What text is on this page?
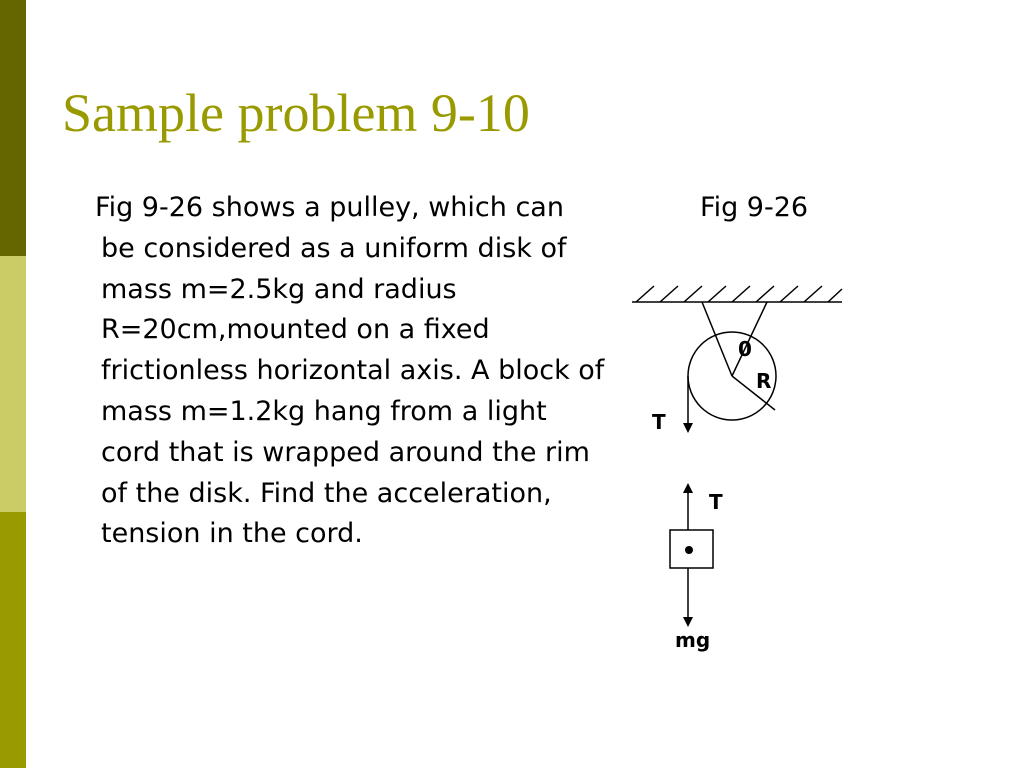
Sample problem 9-10

Fig 9-26 shows a pulley, which can be considered as a uniform disk of mass m=2.5kg and radius R=20cm,mounted on a fixed frictionless horizontal axis. A block of mass m=1.2kg hang from a light cord that is wrapped around the rim of the disk. Find the acceleration, tension in the cord.

Fig 9-26
0
R
T
T
mg
